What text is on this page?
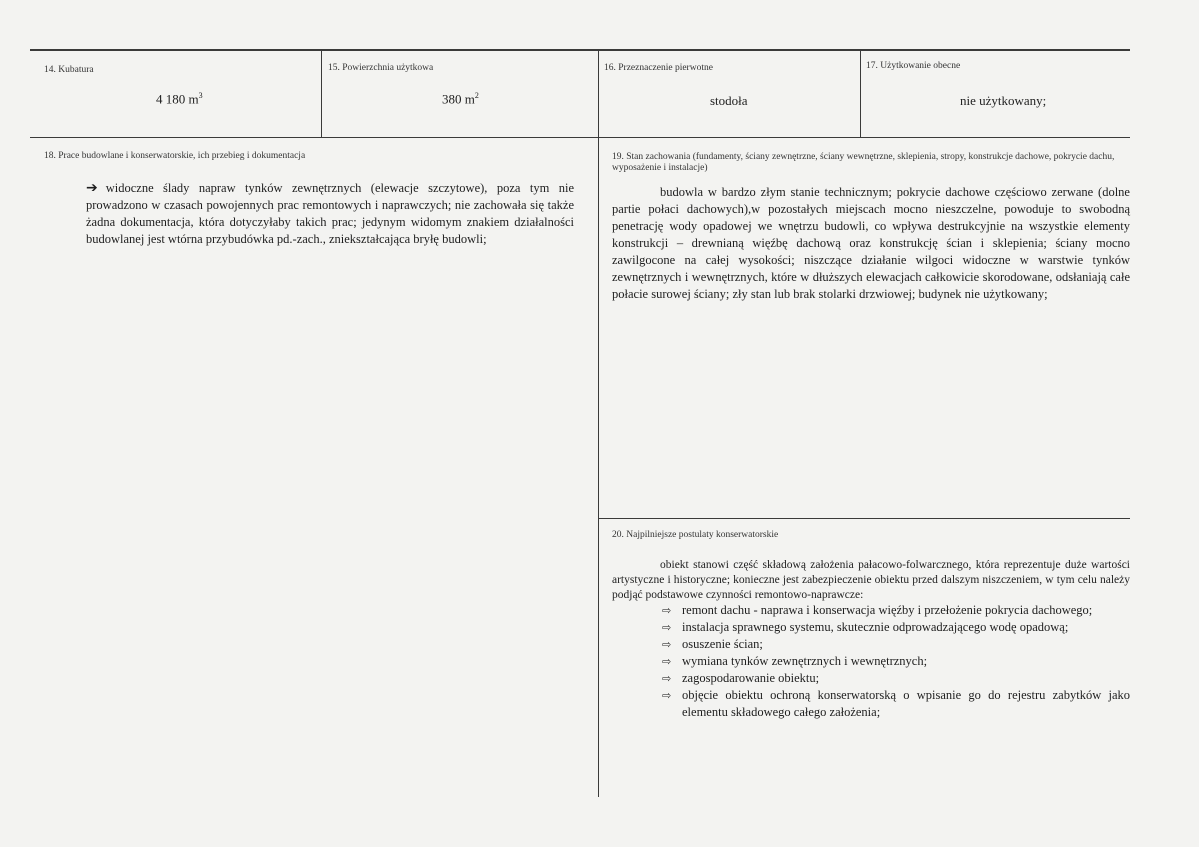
14. Kubatura
4 180 $m^3$
15. Powierzchnia użytkowa
380 $m^2$
16. Przeznaczenie pierwotne
stodoła
17. Użytkowanie obecne
nie użytkowany;
18. Prace budowlane i konserwatorskie, ich przebieg i dokumentacja

➔ widoczne ślady napraw tynków zewnętrznych (elewacje szczytowe), poza tym nie prowadzono w czasach powojennych prac remontowych i naprawczych; nie zachowała się także żadna dokumentacja, która dotyczyłaby takich prac; jedynym widomym znakiem działalności budowlanej jest wtórna przybudówka pd.-zach., zniekształcająca bryłę budowli;

19. Stan zachowania (fundamenty, ściany zewnętrzne, ściany wewnętrzne, sklepienia, stropy, konstrukcje dachowe, pokrycie dachu, wyposażenie i instalacje)

budowla w bardzo złym stanie technicznym; pokrycie dachowe częściowo zerwane (dolne partie połaci dachowych),w pozostałych miejscach mocno nieszczelne, powoduje to swobodną penetrację wody opadowej we wnętrzu budowli, co wpływa destrukcyjnie na wszystkie elementy konstrukcji – drewnianą więźbę dachową oraz konstrukcję ścian i sklepienia; ściany mocno zawilgocone na całej wysokości; niszczące działanie wilgoci widoczne w warstwie tynków zewnętrznych i wewnętrznych, które w dłuższych elewacjach całkowicie skorodowane, odsłaniają całe połacie surowej ściany; zły stan lub brak stolarki drzwiowej; budynek nie użytkowany;

20. Najpilniejsze postulaty konserwatorskie

obiekt stanowi część składową założenia pałacowo-folwarcznego, która reprezentuje duże wartości artystyczne i historyczne; konieczne jest zabezpieczenie obiektu przed dalszym niszczeniem, w tym celu należy podjąć podstawowe czynności remontowo-naprawcze:

⇨ remont dachu - naprawa i konserwacja więźby i przełożenie pokrycia dachowego;
⇨ instalacja sprawnego systemu, skutecznie odprowadzającego wodę opadową;
⇨ osuszenie ścian;
⇨ wymiana tynków zewnętrznych i wewnętrznych;
⇨ zagospodarowanie obiektu;
⇨ objęcie obiektu ochroną konserwatorską o wpisanie go do rejestru zabytków jako elementu składowego całego założenia;
